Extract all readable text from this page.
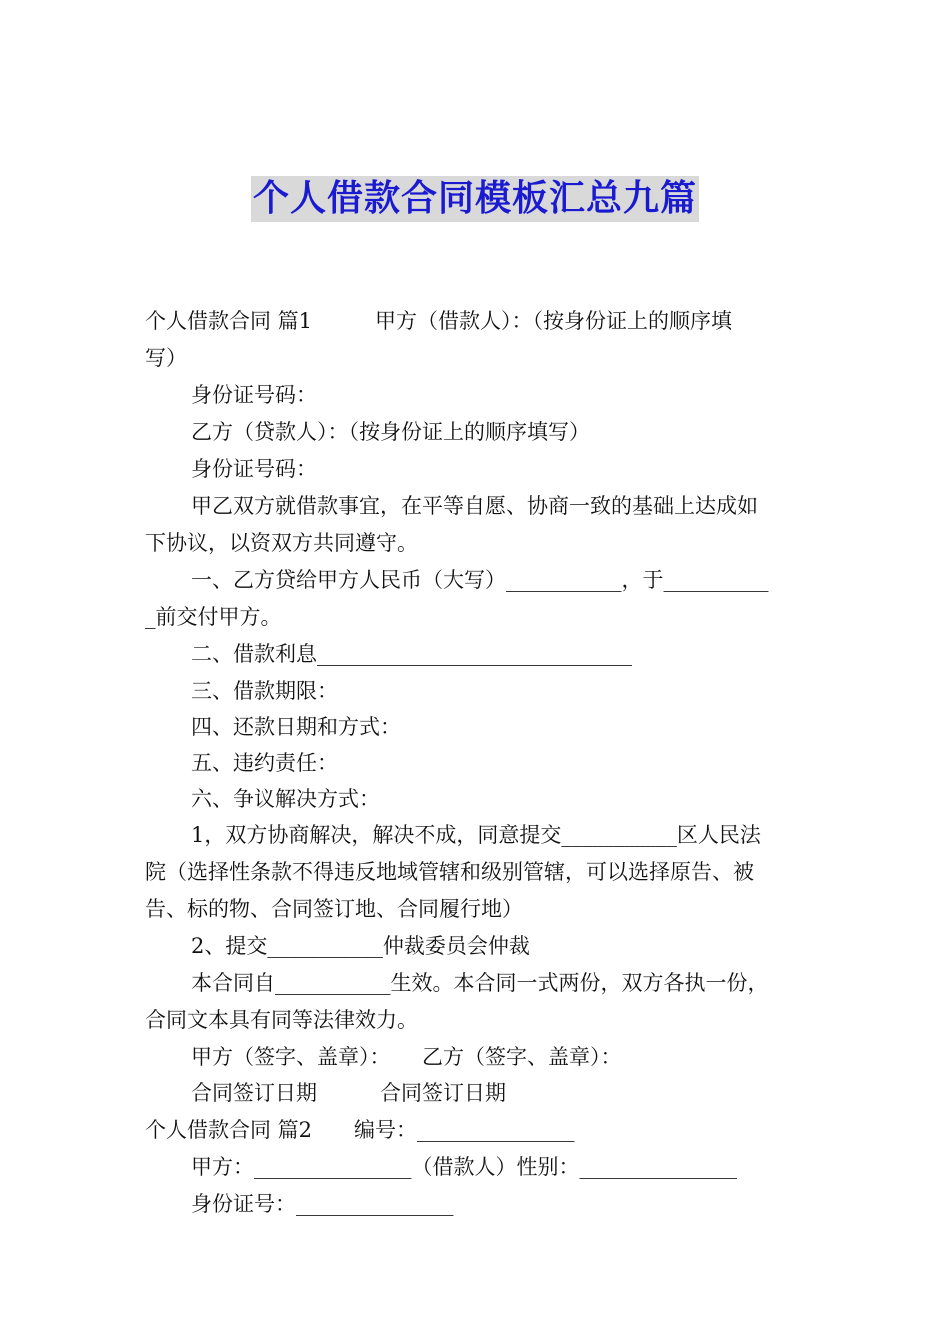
个人借款合同模板汇总九篇
个人借款合同 篇1　　　甲方（借款人）：（按身份证上的顺序填
写）
身份证号码：
乙方（贷款人）：（按身份证上的顺序填写）
身份证号码：
甲乙双方就借款事宜，在平等自愿、协商一致的基础上达成如
下协议，以资双方共同遵守。
一、乙方贷给甲方人民币（大写）___________，于__________
_前交付甲方。
二、借款利息______________________________
三、借款期限：
四、还款日期和方式：
五、违约责任：
六、争议解决方式：
1，双方协商解决，解决不成，同意提交___________区人民法
院（选择性条款不得违反地域管辖和级别管辖，可以选择原告、被
告、标的物、合同签订地、合同履行地）
2、提交___________仲裁委员会仲裁
本合同自___________生效。本合同一式两份，双方各执一份，
合同文本具有同等法律效力。
甲方（签字、盖章）：　　乙方（签字、盖章）：
合同签订日期　　　合同签订日期
个人借款合同 篇2　　编号：_______________
甲方：_______________（借款人）性别：_______________
身份证号：_______________
